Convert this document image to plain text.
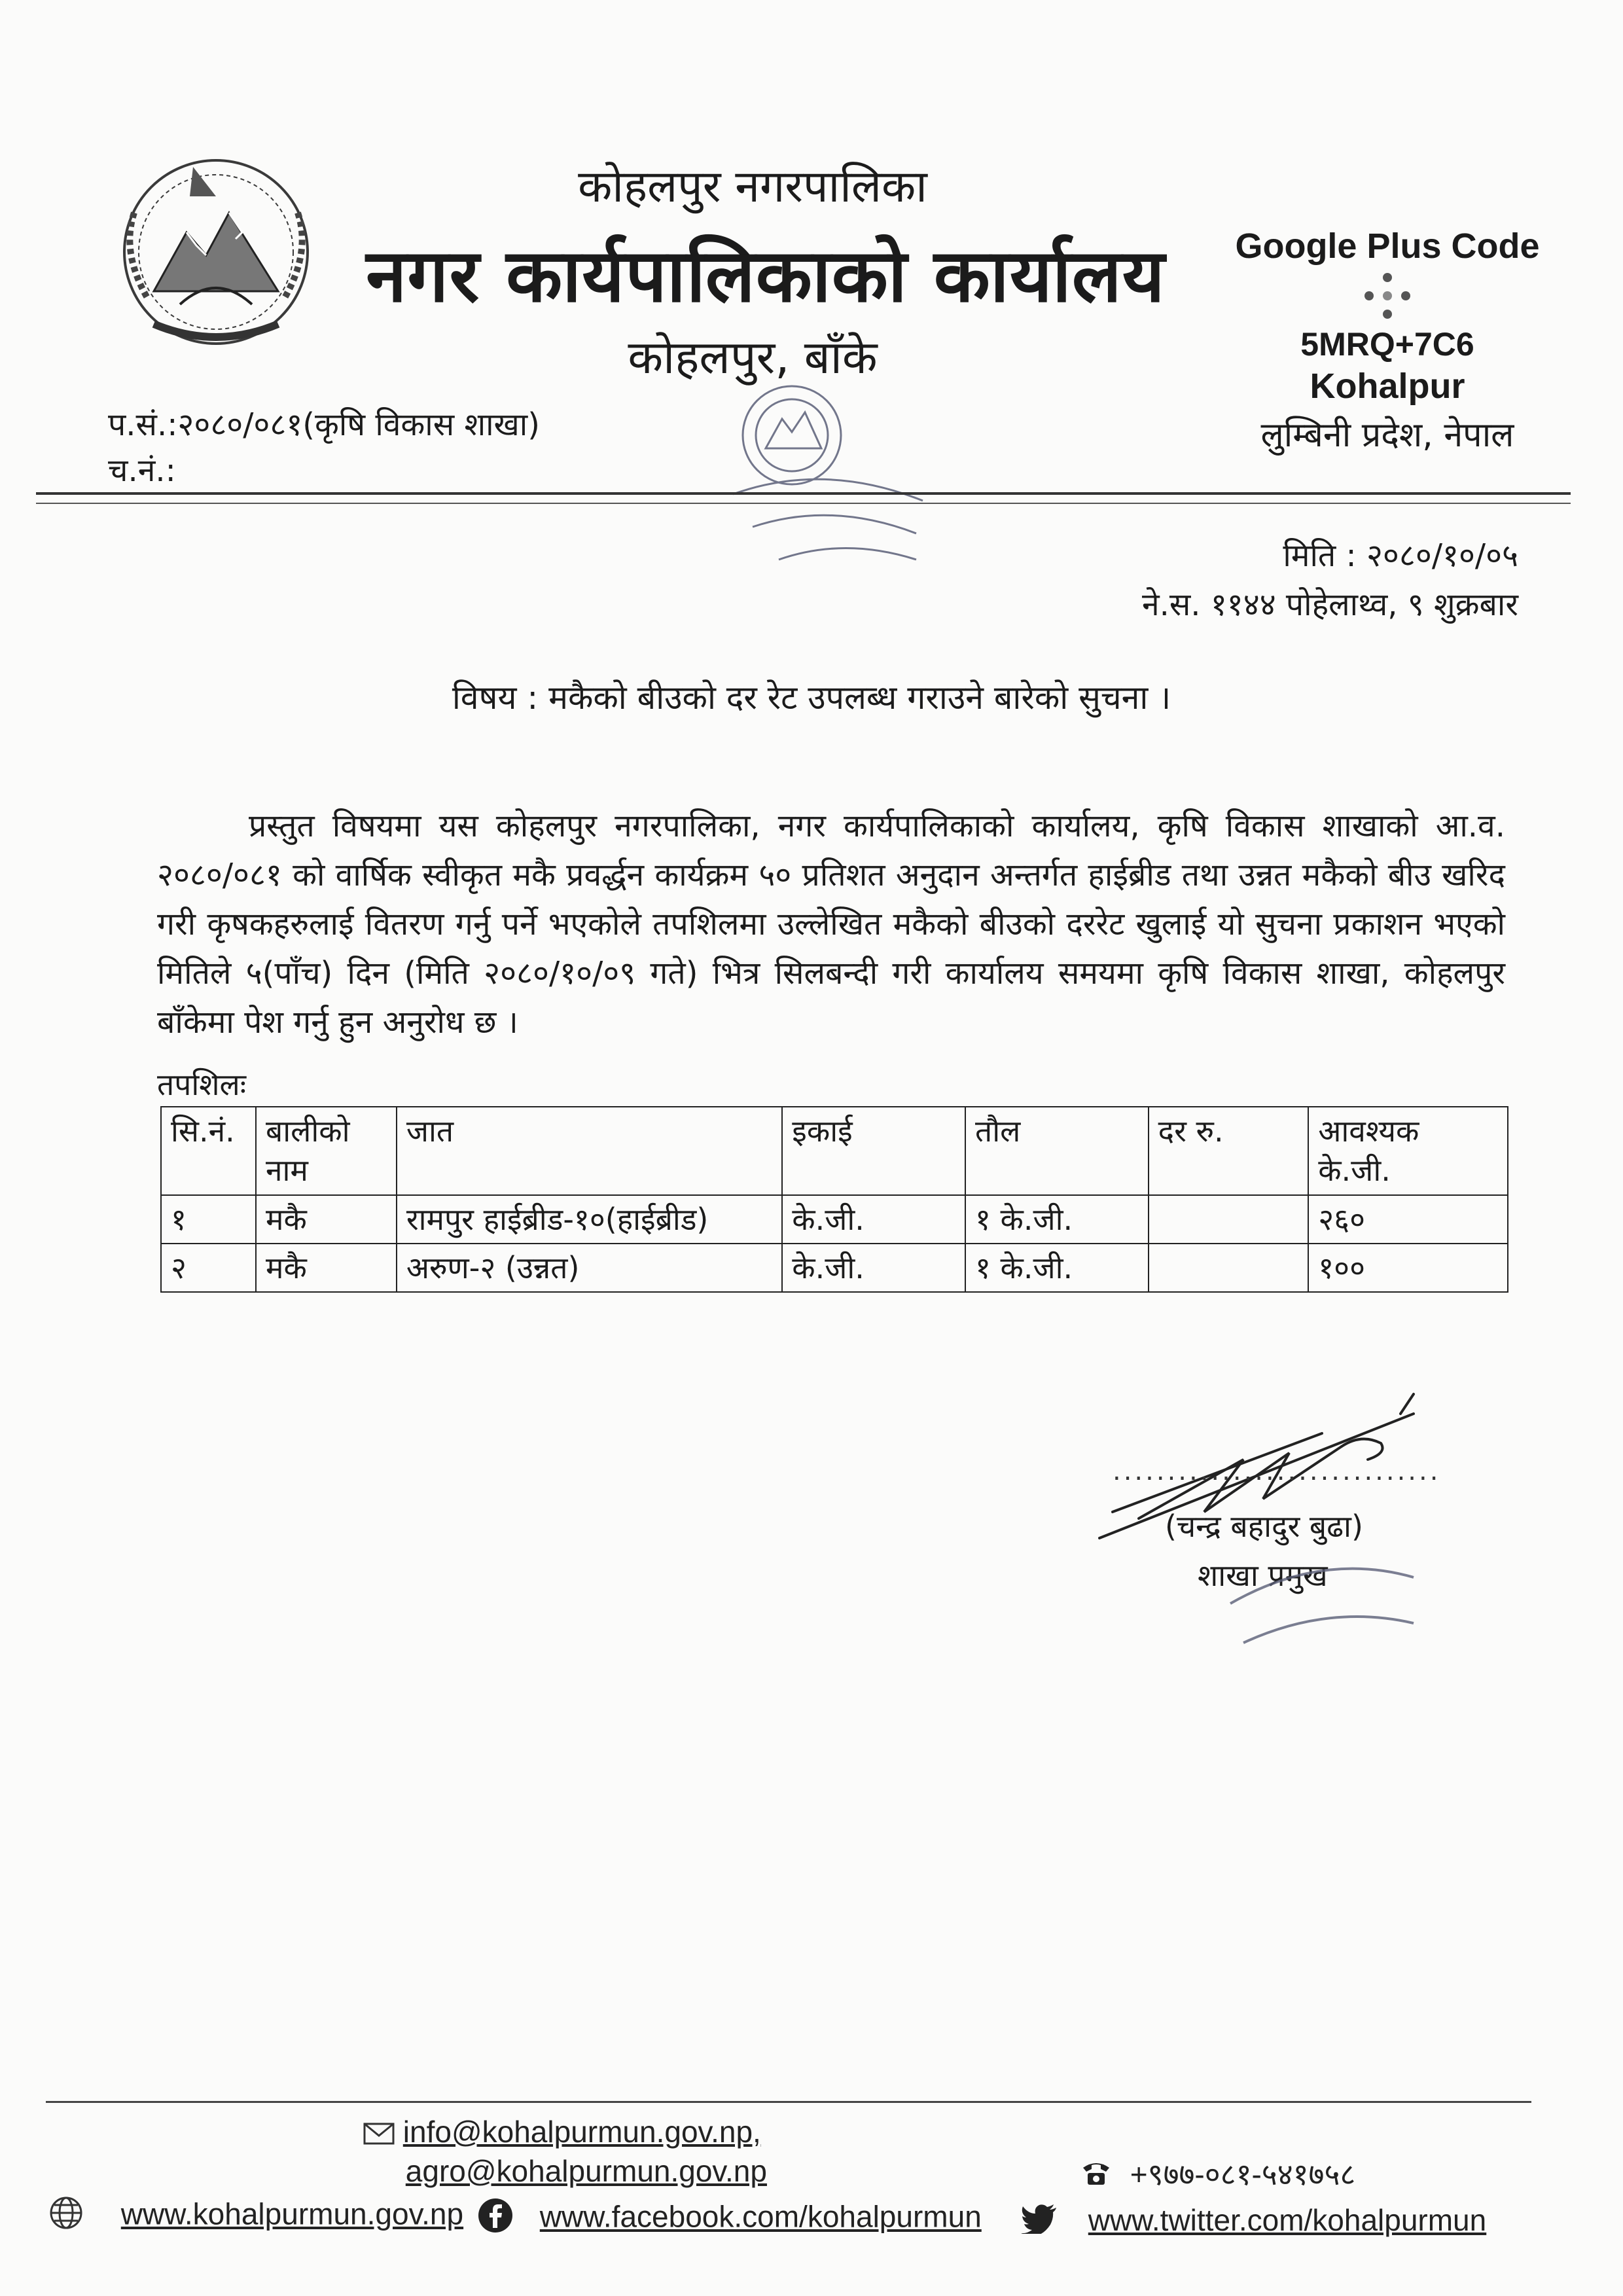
कोहलपुर नगरपालिका
नगर कार्यपालिकाको कार्यालय
कोहलपुर, बाँके
Google Plus Code
5MRQ+7C6
Kohalpur
लुम्बिनी प्रदेश, नेपाल
प.सं.:२०८०/०८१(कृषि विकास शाखा)
च.नं.:
मिति : २०८०/१०/०५
ने.स. ११४४ पोहेलाथ्व, ९ शुक्रबार
विषय : मकैको बीउको दर रेट उपलब्ध गराउने बारेको सुचना ।
प्रस्तुत विषयमा यस कोहलपुर नगरपालिका, नगर कार्यपालिकाको कार्यालय, कृषि विकास शाखाको आ.व. २०८०/०८१ को वार्षिक स्वीकृत मकै प्रवर्द्धन कार्यक्रम ५० प्रतिशत अनुदान अन्तर्गत हाईब्रीड तथा उन्नत मकैको बीउ खरिद गरी कृषकहरुलाई वितरण गर्नु पर्ने भएकोले तपशिलमा उल्लेखित मकैको बीउको दररेट खुलाई यो सुचना प्रकाशन भएको मितिले ५(पाँच) दिन (मिति २०८०/१०/०९ गते) भित्र सिलबन्दी गरी कार्यालय समयमा कृषि विकास शाखा, कोहलपुर बाँकेमा पेश गर्नु हुन अनुरोध छ ।
तपशिलः
सि.नं.	बालीको नाम	जात	इकाई	तौल	दर रु.	आवश्यक के.जी.
१	मकै	रामपुर हाईब्रीड-१०(हाईब्रीड)	के.जी.	१ के.जी.		२६०
२	मकै	अरुण-२ (उन्नत)	के.जी.	१ के.जी.		१००
..............................
(चन्द्र बहादुर बुढा)
शाखा प्रमुख
info@kohalpurmun.gov.np,
agro@kohalpurmun.gov.np	+९७७-०८१-५४१७५८
www.kohalpurmun.gov.np	www.facebook.com/kohalpurmun	www.twitter.com/kohalpurmun
